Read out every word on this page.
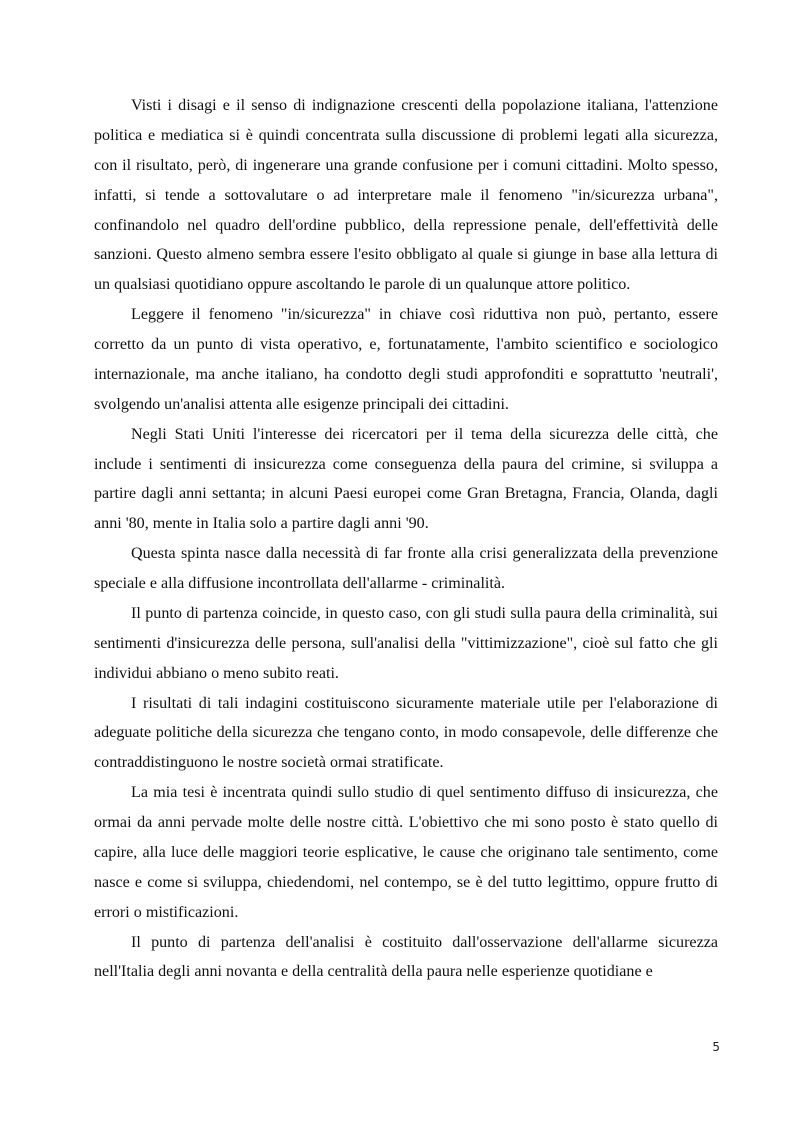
Visti i disagi e il senso di indignazione crescenti della popolazione italiana, l'attenzione politica e mediatica si è quindi concentrata sulla discussione di problemi legati alla sicurezza, con il risultato, però, di ingenerare una grande confusione per i comuni cittadini. Molto spesso, infatti, si tende a sottovalutare o ad interpretare male il fenomeno "in/sicurezza urbana", confinandolo nel quadro dell'ordine pubblico, della repressione penale, dell'effettività delle sanzioni. Questo almeno sembra essere l'esito obbligato al quale si giunge in base alla lettura di un qualsiasi quotidiano oppure ascoltando le parole di un qualunque attore politico.

Leggere il fenomeno "in/sicurezza" in chiave così riduttiva non può, pertanto, essere corretto da un punto di vista operativo, e, fortunatamente, l'ambito scientifico e sociologico internazionale, ma anche italiano, ha condotto degli studi approfonditi e soprattutto 'neutrali', svolgendo un'analisi attenta alle esigenze principali dei cittadini.

Negli Stati Uniti l'interesse dei ricercatori per il tema della sicurezza delle città, che include i sentimenti di insicurezza come conseguenza della paura del crimine, si sviluppa a partire dagli anni settanta; in alcuni Paesi europei come Gran Bretagna, Francia, Olanda, dagli anni '80, mente in Italia solo a partire dagli anni '90.

Questa spinta nasce dalla necessità di far fronte alla crisi generalizzata della prevenzione speciale e alla diffusione incontrollata dell'allarme - criminalità.

Il punto di partenza coincide, in questo caso, con gli studi sulla paura della criminalità, sui sentimenti d'insicurezza delle persona, sull'analisi della "vittimizzazione", cioè sul fatto che gli individui abbiano o meno subito reati.

I risultati di tali indagini costituiscono sicuramente materiale utile per l'elaborazione di adeguate politiche della sicurezza che tengano conto, in modo consapevole, delle differenze che contraddistinguono le nostre società ormai stratificate.

La mia tesi è incentrata quindi sullo studio di quel sentimento diffuso di insicurezza, che ormai da anni pervade molte delle nostre città. L'obiettivo che mi sono posto è stato quello di capire, alla luce delle maggiori teorie esplicative, le cause che originano tale sentimento, come nasce e come si sviluppa, chiedendomi, nel contempo, se è del tutto legittimo, oppure frutto di errori o mistificazioni.

Il punto di partenza dell'analisi è costituito dall'osservazione dell'allarme sicurezza nell'Italia degli anni novanta e della centralità della paura nelle esperienze quotidiane e

5
